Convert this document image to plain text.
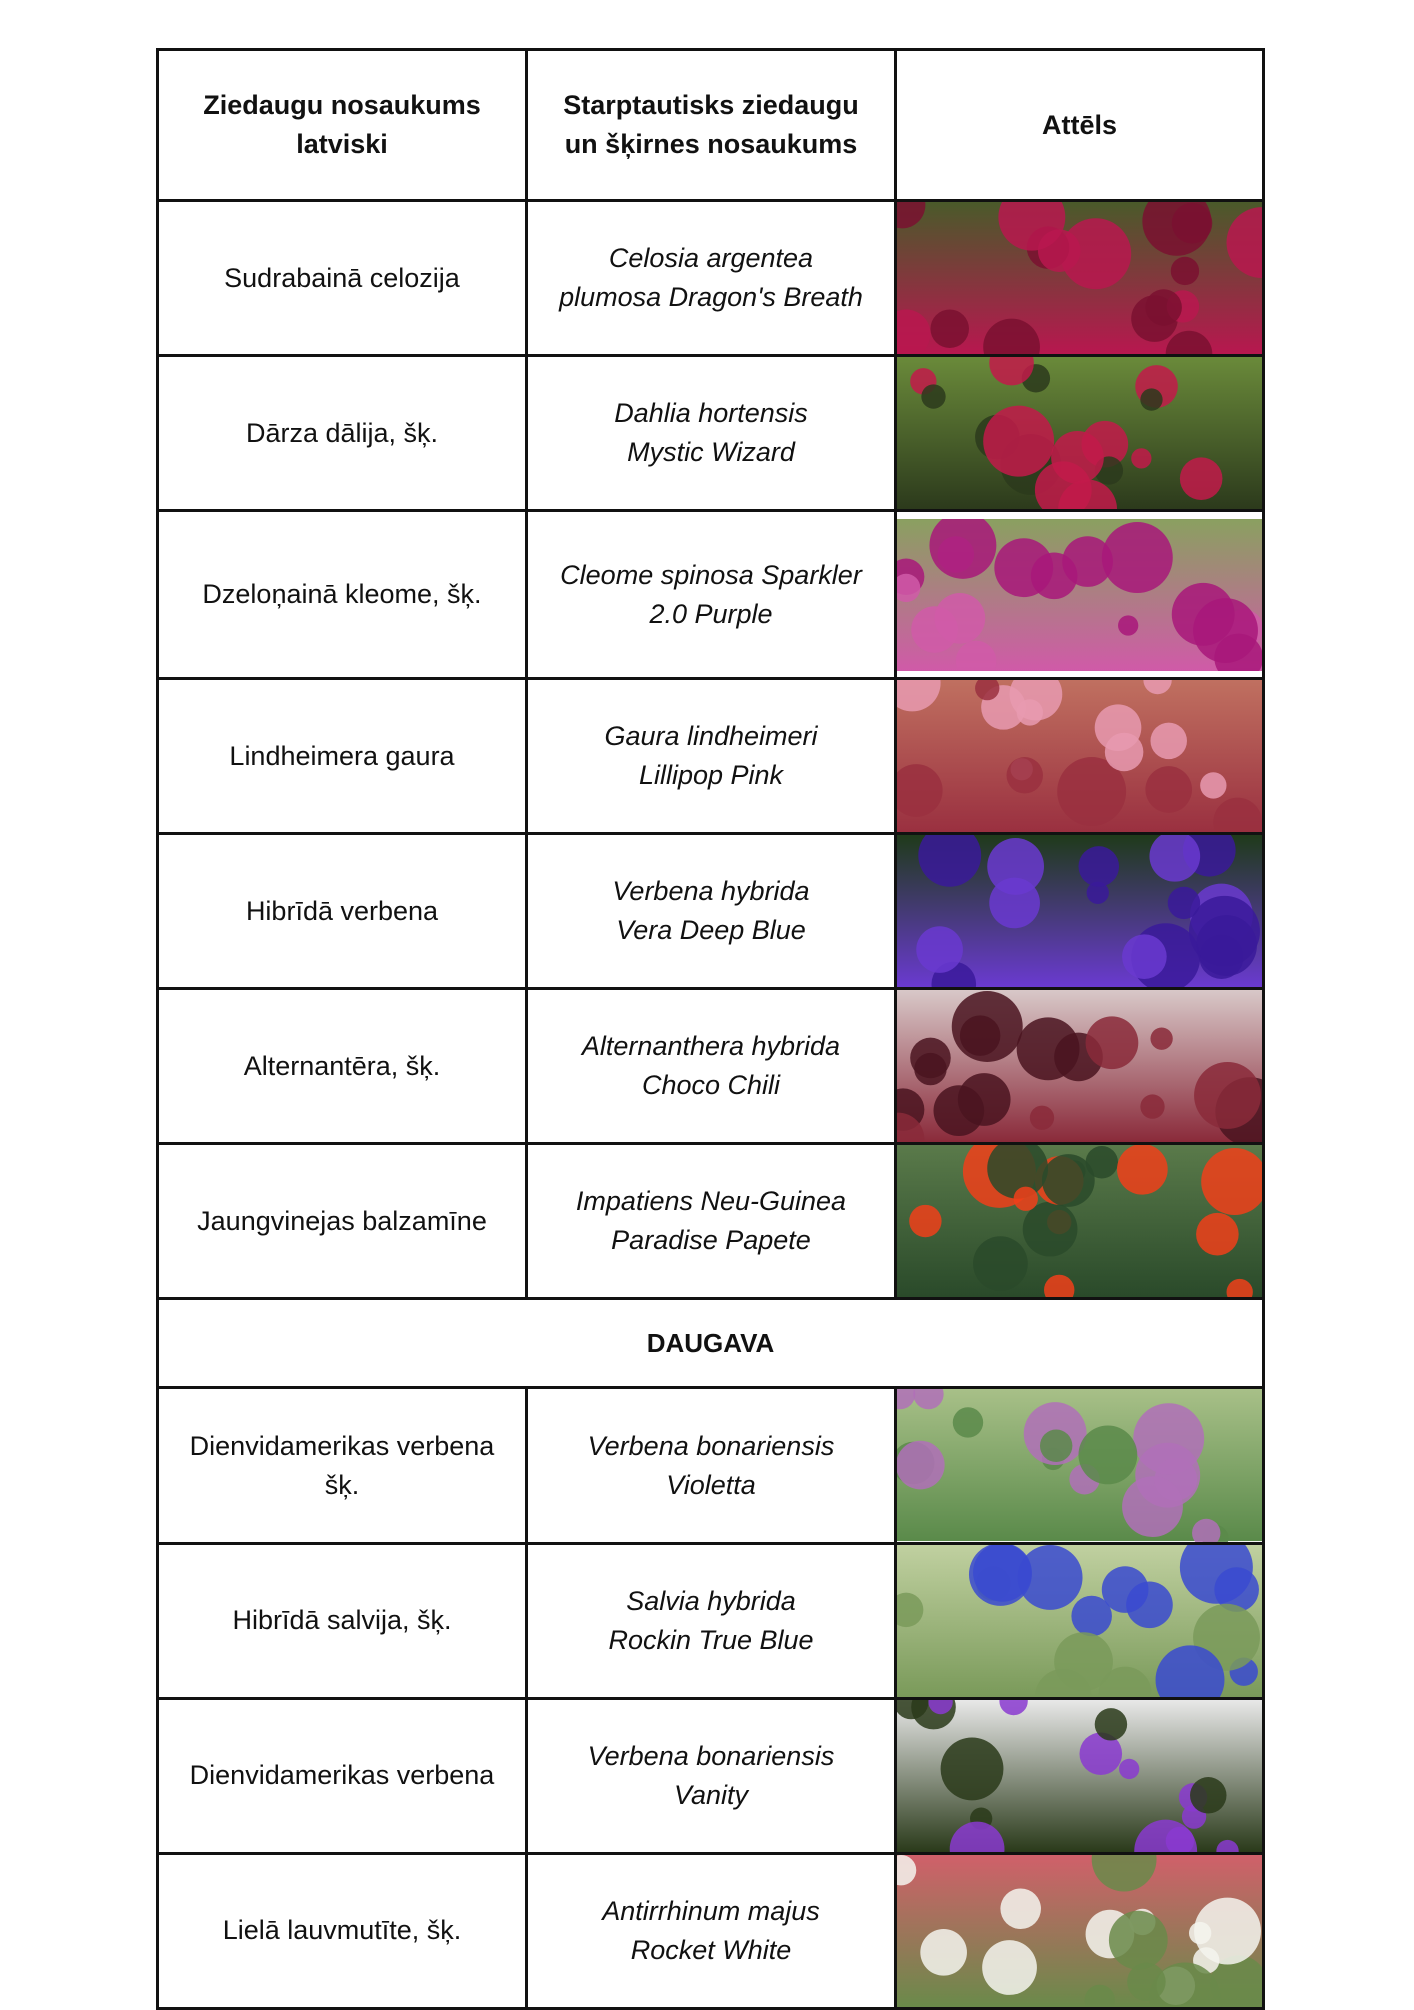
Ziedaugu nosaukums latviski	Starptautisks ziedaugu un šķirnes nosaukums	Attēls
Sudrabainā celozija	Celosia argentea
plumosa Dragon's Breath

Dārza dālija, šķ.	Dahlia hortensis
Mystic Wizard

Dzeloņainā kleome, šķ.	Cleome spinosa Sparkler
2.0 Purple

Lindheimera gaura	Gaura lindheimeri
Lillipop Pink

Hibrīdā verbena	Verbena hybrida
Vera Deep Blue

Alternantēra, šķ.	Alternanthera hybrida
Choco Chili

Jaungvinejas balzamīne	Impatiens Neu-Guinea
Paradise Papete

DAUGAVA		

Dienvidamerikas verbena
šķ.	Verbena bonariensis
Violetta

Hibrīdā salvija, šķ.	Salvia hybrida
Rockin True Blue

Dienvidamerikas verbena	Verbena bonariensis
Vanity

Lielā lauvmutīte, šķ.	Antirrhinum majus
Rocket White
